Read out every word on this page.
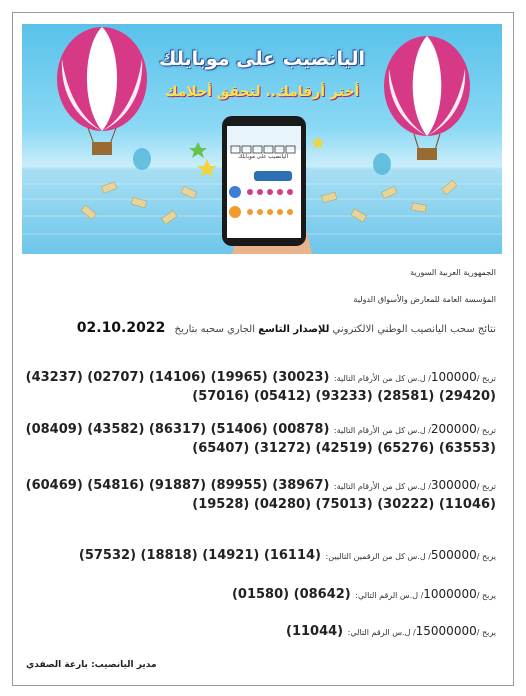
اليانصيب على موبايلك
أختر أرقامك.. لتحقق أحلامك
اليانصيب على موبايلك
أختر أرقامك
الجمهورية العربية السورية
المؤسسة العامة للمعارض والأسواق الدولية
نتائج سحب اليانصيب الوطني الالكتروني للإصدار التاسع الجاري سحبه بتاريخ 02.10.2022
تربح /100000/ ل.س كل من الأرقام التالية: (30023) (19965) (14106) (02707) (43237)
(29420) (28581) (93233) (05412) (57016)
تربح /200000/ ل.س كل من الأرقام التالية: (00878) (51406) (86317) (43582) (08409)
(63553) (65276) (42519) (31272) (65407)
تربح /300000/ ل.س كل من الأرقام التالية: (38967) (89955) (91887) (54816) (60469)
(11046) (30222) (75013) (04280) (19528)
يربح /500000/ ل.س كل من الرقمين التاليين: (16114) (14921) (18818) (57532)
يربح /1000000/ ل.س الرقم التالي: (08642) (01580)
يربح /15000000/ ل.س الرقم التالي: (11044)
مدير اليانصيب: بارعة الصفدي
